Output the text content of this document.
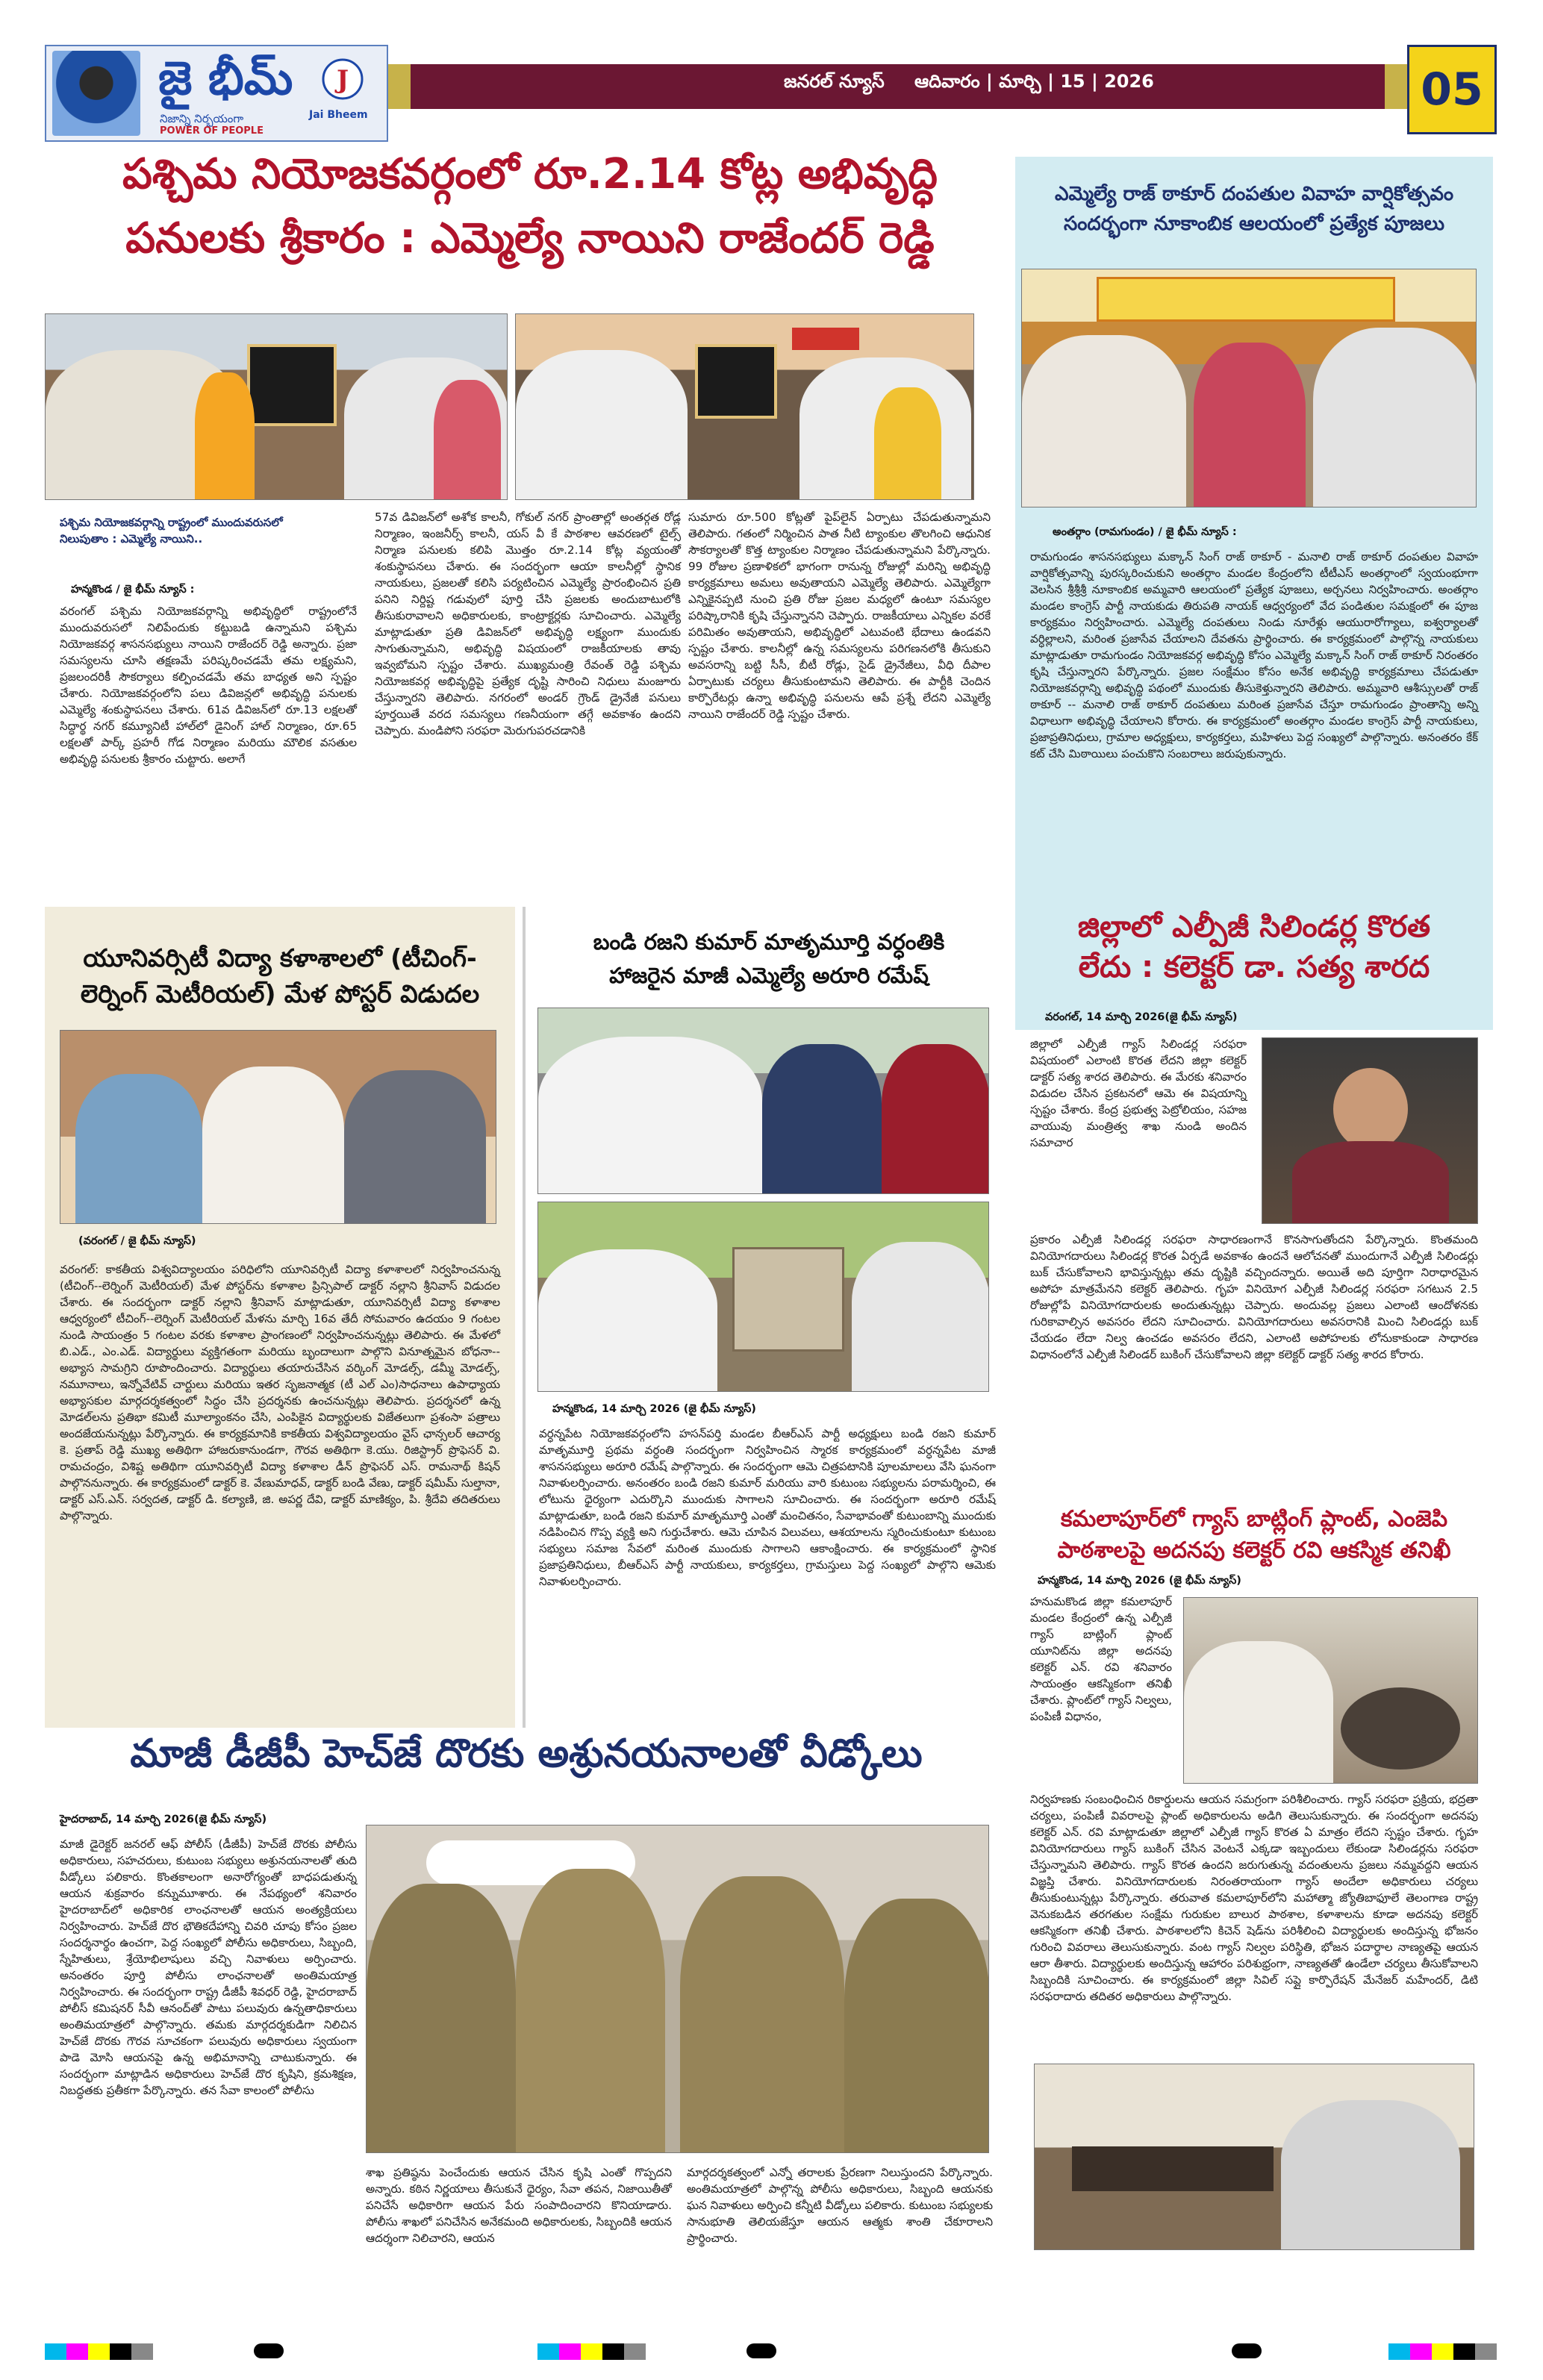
జై భీమ్
నిజాన్ని నిర్భయంగా
POWER OF PEOPLE
J
Jai Bheem
జనరల్ న్యూస్ ఆదివారం | మార్చి | 15 | 2026	05
పశ్చిమ నియోజకవర్గంలో రూ.2.14 కోట్ల అభివృద్ధి
పనులకు శ్రీకారం : ఎమ్మెల్యే నాయిని రాజేందర్ రెడ్డి
పశ్చిమ నియోజకవర్గాన్ని రాష్ట్రంలో ముందువరుసలో
నిలుపుతాం : ఎమ్మెల్యే నాయిని..
హన్మకొండ / జై భీమ్ న్యూస్ :
వరంగల్ పశ్చిమ నియోజకవర్గాన్ని అభివృద్ధిలో రాష్ట్రంలోనే ముందువరుసలో నిలిపేందుకు కట్టుబడి ఉన్నామని పశ్చిమ నియోజకవర్గ శాసనసభ్యులు నాయిని రాజేందర్ రెడ్డి అన్నారు. ప్రజా సమస్యలను చూసి తక్షణమే పరిష్కరించడమే తమ లక్ష్యమని, ప్రజలందరికీ సౌకర్యాలు కల్పించడమే తమ బాధ్యత అని స్పష్టం చేశారు. నియోజకవర్గంలోని పలు డివిజన్లలో అభివృద్ధి పనులకు ఎమ్మెల్యే శంకుస్థాపనలు చేశారు. 61వ డివిజన్‌లో రూ.13 లక్షలతో సిద్ధార్థ నగర్ కమ్యూనిటీ హాల్‌లో డైనింగ్ హాల్ నిర్మాణం, రూ.65 లక్షలతో పార్క్ ప్రహరీ గోడ నిర్మాణం మరియు మౌలిక వసతుల అభివృద్ధి పనులకు శ్రీకారం చుట్టారు. అలాగే
57వ డివిజన్‌లో అశోక కాలనీ, గోకుల్ నగర్ ప్రాంతాల్లో అంతర్గత రోడ్ల నిర్మాణం, ఇంజనీర్స్ కాలనీ, యస్ వీ కే పాఠశాల ఆవరణలో టైల్స్ నిర్మాణ పనులకు కలిపి మొత్తం రూ.2.14 కోట్ల వ్యయంతో శంకుస్థాపనలు చేశారు. ఈ సందర్భంగా ఆయా కాలనీల్లో స్థానిక నాయకులు, ప్రజలతో కలిసి పర్యటించిన ఎమ్మెల్యే ప్రారంభించిన ప్రతి పనిని నిర్దిష్ట గడువులో పూర్తి చేసి ప్రజలకు అందుబాటులోకి తీసుకురావాలని అధికారులకు, కాంట్రాక్టర్లకు సూచించారు. ఎమ్మెల్యే మాట్లాడుతూ ప్రతి డివిజన్‌లో అభివృద్ధి లక్ష్యంగా ముందుకు సాగుతున్నామని, అభివృద్ధి విషయంలో రాజకీయాలకు తావు ఇవ్వబోమని స్పష్టం చేశారు. ముఖ్యమంత్రి రేవంత్ రెడ్డి పశ్చిమ నియోజకవర్గ అభివృద్ధిపై ప్రత్యేక దృష్టి సారించి నిధులు మంజూరు చేస్తున్నారని తెలిపారు. నగరంలో అండర్ గ్రౌండ్ డ్రైనేజీ పనులు పూర్తయితే వరద సమస్యలు గణనీయంగా తగ్గే అవకాశం ఉందని చెప్పారు. మండిపోని సరఫరా మెరుగుపరచడానికి
సుమారు రూ.500 కోట్లతో పైప్‌లైన్ ఏర్పాటు చేపడుతున్నామని తెలిపారు. గతంలో నిర్మించిన పాత నీటి ట్యాంకుల తొలగించి ఆధునిక సౌకర్యాలతో కొత్త ట్యాంకుల నిర్మాణం చేపడుతున్నామని పేర్కొన్నారు. 99 రోజుల ప్రణాళికలో భాగంగా రానున్న రోజుల్లో మరిన్ని అభివృద్ధి కార్యక్రమాలు అమలు అవుతాయని ఎమ్మెల్యే తెలిపారు. ఎమ్మెల్యేగా ఎన్నికైనప్పటి నుంచి ప్రతి రోజు ప్రజల మధ్యలో ఉంటూ సమస్యల పరిష్కారానికి కృషి చేస్తున్నానని చెప్పారు. రాజకీయాలు ఎన్నికల వరకే పరిమితం అవుతాయని, అభివృద్ధిలో ఎటువంటి భేదాలు ఉండవని స్పష్టం చేశారు. కాలనీల్లో ఉన్న సమస్యలను పరిగణనలోకి తీసుకుని అవసరాన్ని బట్టి సీసీ, బీటీ రోడ్లు, సైడ్ డ్రైనేజీలు, వీధి దీపాల ఏర్పాటుకు చర్యలు తీసుకుంటామని తెలిపారు. ఈ పార్టీకి చెందిన కార్పొరేటర్లు ఉన్నా అభివృద్ధి పనులను ఆపే ప్రశ్నే లేదని ఎమ్మెల్యే నాయిని రాజేందర్ రెడ్డి స్పష్టం చేశారు.
ఎమ్మెల్యే రాజ్ ఠాకూర్ దంపతుల వివాహ వార్షికోత్సవం
సందర్భంగా నూకాంబిక ఆలయంలో ప్రత్యేక పూజలు
అంతర్గాం (రామగుండం) / జై భీమ్ న్యూస్ :
రామగుండం శాసనసభ్యులు మక్కాన్ సింగ్ రాజ్ ఠాకూర్ - మనాలి రాజ్ ఠాకూర్ దంపతుల వివాహ వార్షికోత్సవాన్ని పురస్కరించుకుని అంతర్గాం మండల కేంద్రంలోని టీటీఎస్ అంతర్గాంలో స్వయంభూగా వెలసిన శ్రీశ్రీశ్రీ నూకాంబిక అమ్మవారి ఆలయంలో ప్రత్యేక పూజలు, అర్చనలు నిర్వహించారు. అంతర్గాం మండల కాంగ్రెస్ పార్టీ నాయకుడు తిరుపతి నాయక్ ఆధ్వర్యంలో వేద పండితుల సమక్షంలో ఈ పూజ కార్యక్రమం నిర్వహించారు. ఎమ్మెల్యే దంపతులు నిండు నూరేళ్లు ఆయురారోగ్యాలు, ఐశ్వర్యాలతో వర్ధిల్లాలని, మరింత ప్రజాసేవ చేయాలని దేవతను ప్రార్థించారు. ఈ కార్యక్రమంలో పాల్గొన్న నాయకులు మాట్లాడుతూ రామగుండం నియోజకవర్గ అభివృద్ధి కోసం ఎమ్మెల్యే మక్కాన్ సింగ్ రాజ్ ఠాకూర్ నిరంతరం కృషి చేస్తున్నారని పేర్కొన్నారు. ప్రజల సంక్షేమం కోసం అనేక అభివృద్ధి కార్యక్రమాలు చేపడుతూ నియోజకవర్గాన్ని అభివృద్ధి పథంలో ముందుకు తీసుకెళ్తున్నారని తెలిపారు. అమ్మవారి ఆశీస్సులతో రాజ్ ఠాకూర్ -- మనాలి రాజ్ ఠాకూర్ దంపతులు మరింత ప్రజాసేవ చేస్తూ రామగుండం ప్రాంతాన్ని అన్ని విధాలుగా అభివృద్ధి చేయాలని కోరారు. ఈ కార్యక్రమంలో అంతర్గాం మండల కాంగ్రెస్ పార్టీ నాయకులు, ప్రజాప్రతినిధులు, గ్రామాల అధ్యక్షులు, కార్యకర్తలు, మహిళలు పెద్ద సంఖ్యలో పాల్గొన్నారు. అనంతరం కేక్ కట్ చేసి మిఠాయిలు పంచుకొని సంబరాలు జరుపుకున్నారు.
జిల్లాలో ఎల్పీజీ సిలిండర్ల కొరత
లేదు : కలెక్టర్ డా. సత్య శారద
వరంగల్, 14 మార్చి 2026(జై భీమ్ న్యూస్)
జిల్లాలో ఎల్పీజీ గ్యాస్ సిలిండర్ల సరఫరా విషయంలో ఎలాంటి కొరత లేదని జిల్లా కలెక్టర్ డాక్టర్ సత్య శారద తెలిపారు. ఈ మేరకు శనివారం విడుదల చేసిన ప్రకటనలో ఆమె ఈ విషయాన్ని స్పష్టం చేశారు. కేంద్ర ప్రభుత్వ పెట్రోలియం, సహజ వాయువు మంత్రిత్వ శాఖ నుండి అందిన సమాచార
ప్రకారం ఎల్పీజీ సిలిండర్ల సరఫరా సాధారణంగానే కొనసాగుతోందని పేర్కొన్నారు. కొంతమంది వినియోగదారులు సిలిండర్ల కొరత ఏర్పడే అవకాశం ఉందనే ఆలోచనతో ముందుగానే ఎల్పీజీ సిలిండర్లు బుక్ చేసుకోవాలని భావిస్తున్నట్లు తమ దృష్టికి వచ్చిందన్నారు. అయితే అది పూర్తిగా నిరాధారమైన అపోహ మాత్రమేనని కలెక్టర్ తెలిపారు. గృహ వినియోగ ఎల్పీజీ సిలిండర్ల సరఫరా సగటున 2.5 రోజుల్లోపే వినియోగదారులకు అందుతున్నట్లు చెప్పారు. అందువల్ల ప్రజలు ఎలాంటి ఆందోళనకు గురికావాల్సిన అవసరం లేదని సూచించారు. వినియోగదారులు అవసరానికి మించి సిలిండర్లు బుక్ చేయడం లేదా నిల్వ ఉంచడం అవసరం లేదని, ఎలాంటి అపోహలకు లోనుకాకుండా సాధారణ విధానంలోనే ఎల్పీజీ సిలిండర్ బుకింగ్ చేసుకోవాలని జిల్లా కలెక్టర్ డాక్టర్ సత్య శారద కోరారు.
కమలాపూర్‌లో గ్యాస్ బాట్లింగ్ ప్లాంట్, ఎంజెపి
పాఠశాలపై అదనపు కలెక్టర్ రవి ఆకస్మిక తనిఖీ
హన్మకొండ, 14 మార్చి 2026 (జై భీమ్ న్యూస్)
హనుమకొండ జిల్లా కమలాపూర్ మండల కేంద్రంలో ఉన్న ఎల్పీజీ గ్యాస్ బాట్లింగ్ ప్లాంట్ యూనిట్‌ను జిల్లా అదనపు కలెక్టర్ ఎన్. రవి శనివారం సాయంత్రం ఆకస్మికంగా తనిఖీ చేశారు. ప్లాంట్‌లో గ్యాస్ నిల్వలు, పంపిణీ విధానం,
నిర్వహణకు సంబంధించిన రికార్డులను ఆయన సమగ్రంగా పరిశీలించారు. గ్యాస్ సరఫరా ప్రక్రియ, భద్రతా చర్యలు, పంపిణీ వివరాలపై ప్లాంట్ అధికారులను అడిగి తెలుసుకున్నారు. ఈ సందర్భంగా అదనపు కలెక్టర్ ఎన్. రవి మాట్లాడుతూ జిల్లాలో ఎల్పీజీ గ్యాస్ కొరత ఏ మాత్రం లేదని స్పష్టం చేశారు. గృహ వినియోగదారులు గ్యాస్ బుకింగ్ చేసిన వెంటనే ఎక్కడా ఇబ్బందులు లేకుండా సిలిండర్లను సరఫరా చేస్తున్నామని తెలిపారు. గ్యాస్ కొరత ఉందని జరుగుతున్న వదంతులను ప్రజలు నమ్మవద్దని ఆయన విజ్ఞప్తి చేశారు. వినియోగదారులకు నిరంతరాయంగా గ్యాస్ అందేలా అధికారులు చర్యలు తీసుకుంటున్నట్లు పేర్కొన్నారు. తరువాత కమలాపూర్‌లోని మహాత్మా జ్యోతిబాఫూలే తెలంగాణ రాష్ట్ర వెనుకబడిన తరగతుల సంక్షేమ గురుకుల బాలుర పాఠశాల, కళాశాలను కూడా అదనపు కలెక్టర్ ఆకస్మికంగా తనిఖీ చేశారు. పాఠశాలలోని కిచెన్ షెడ్‌ను పరిశీలించి విద్యార్థులకు అందిస్తున్న భోజనం గురించి వివరాలు తెలుసుకున్నారు. వంట గ్యాస్ నిల్వల పరిస్థితి, భోజన పదార్థాల నాణ్యతపై ఆయన ఆరా తీశారు. విద్యార్థులకు అందిస్తున్న ఆహారం పరిశుభ్రంగా, నాణ్యతతో ఉండేలా చర్యలు తీసుకోవాలని సిబ్బందికి సూచించారు. ఈ కార్యక్రమంలో జిల్లా సివిల్ సప్లై కార్పొరేషన్ మేనేజర్ మహేందర్, డిటి సరఫరాదారు తదితర అధికారులు పాల్గొన్నారు.
యూనివర్సిటీ విద్యా కళాశాలలో (టీచింగ్-
లెర్నింగ్ మెటీరియల్) మేళ పోస్టర్ విడుదల
(వరంగల్ / జై భీమ్ న్యూస్)
వరంగల్: కాకతీయ విశ్వవిద్యాలయం పరిధిలోని యూనివర్సిటీ విద్యా కళాశాలలో నిర్వహించనున్న (టీచింగ్--లెర్నింగ్ మెటీరియల్) మేళ పోస్టర్‌ను కళాశాల ప్రిన్సిపాల్ డాక్టర్ నల్లాని శ్రీనివాస్ విడుదల చేశారు. ఈ సందర్భంగా డాక్టర్ నల్లాని శ్రీనివాస్ మాట్లాడుతూ, యూనివర్సిటీ విద్యా కళాశాల ఆధ్వర్యంలో టీచింగ్--లెర్నింగ్ మెటీరియల్ మేళను మార్చి 16వ తేదీ సోమవారం ఉదయం 9 గంటల నుండి సాయంత్రం 5 గంటల వరకు కళాశాల ప్రాంగణంలో నిర్వహించనున్నట్లు తెలిపారు. ఈ మేళలో బి.ఎడ్., ఎం.ఎడ్. విద్యార్థులు వ్యక్తిగతంగా మరియు బృందాలుగా పాల్గొని వినూత్నమైన బోధనా--అభ్యాస సామగ్రిని రూపొందించారు. విద్యార్థులు తయారుచేసిన వర్కింగ్ మోడల్స్, డమ్మీ మోడల్స్, నమూనాలు, ఇన్నోవేటివ్ చార్టులు మరియు ఇతర సృజనాత్మక (టీ ఎల్ ఎం)సాధనాలు ఉపాధ్యాయ అభ్యాసకుల మార్గదర్శకత్వంలో సిద్ధం చేసి ప్రదర్శనకు ఉంచనున్నట్లు తెలిపారు. ప్రదర్శనలో ఉన్న మోడల్‌లను ప్రతిభా కమిటీ మూల్యాంకనం చేసి, ఎంపికైన విద్యార్థులకు విజేతలుగా ప్రశంసా పత్రాలు అందజేయనున్నట్లు పేర్కొన్నారు. ఈ కార్యక్రమానికి కాకతీయ విశ్వవిద్యాలయం వైస్ ఛాన్సలర్ ఆచార్య కె. ప్రతాప్ రెడ్డి ముఖ్య అతిథిగా హాజరుకానుండగా, గౌరవ అతిథిగా కె.యు. రిజిస్ట్రార్ ప్రొఫెసర్ వి. రామచంద్రం, విశిష్ట అతిథిగా యూనివర్సిటీ విద్యా కళాశాల డీన్ ప్రొఫెసర్ ఎస్. రామనాథ్ కిషన్ పాల్గొననున్నారు. ఈ కార్యక్రమంలో డాక్టర్ కె. వేణుమాధవ్, డాక్టర్ బండి వేణు, డాక్టర్ షమీమ్ సుల్తానా, డాక్టర్ ఎస్.ఎన్. సర్వదత, డాక్టర్ డి. కల్యాణి, జి. అపర్ణ దేవి, డాక్టర్ మాణిక్యం, పి. శ్రీదేవి తదితరులు పాల్గొన్నారు.
బండి రజని కుమార్ మాతృమూర్తి వర్ధంతికి
హాజరైన మాజీ ఎమ్మెల్యే అరూరి రమేష్
హన్మకొండ, 14 మార్చి 2026 (జై భీమ్ న్యూస్)
వర్ధన్నపేట నియోజకవర్గంలోని హసన్‌పర్తి మండల బీఆర్ఎస్ పార్టీ అధ్యక్షులు బండి రజని కుమార్ మాతృమూర్తి ప్రథమ వర్ధంతి సందర్భంగా నిర్వహించిన స్మారక కార్యక్రమంలో వర్ధన్నపేట మాజీ శాసనసభ్యులు అరూరి రమేష్ పాల్గొన్నారు. ఈ సందర్భంగా ఆమె చిత్రపటానికి పూలమాలలు వేసి ఘనంగా నివాళులర్పించారు. అనంతరం బండి రజని కుమార్ మరియు వారి కుటుంబ సభ్యులను పరామర్శించి, ఈ లోటును ధైర్యంగా ఎదుర్కొని ముందుకు సాగాలని సూచించారు. ఈ సందర్భంగా అరూరి రమేష్ మాట్లాడుతూ, బండి రజని కుమార్ మాతృమూర్తి ఎంతో మంచితనం, సేవాభావంతో కుటుంబాన్ని ముందుకు నడిపించిన గొప్ప వ్యక్తి అని గుర్తుచేశారు. ఆమె చూపిన విలువలు, ఆశయాలను స్మరించుకుంటూ కుటుంబ సభ్యులు సమాజ సేవలో మరింత ముందుకు సాగాలని ఆకాంక్షించారు. ఈ కార్యక్రమంలో స్థానిక ప్రజాప్రతినిధులు, బీఆర్ఎస్ పార్టీ నాయకులు, కార్యకర్తలు, గ్రామస్తులు పెద్ద సంఖ్యలో పాల్గొని ఆమెకు నివాళులర్పించారు.
మాజీ డీజీపీ హెచ్‌జే దొరకు అశ్రునయనాలతో వీడ్కోలు
హైదరాబాద్, 14 మార్చి 2026(జై భీమ్ న్యూస్)
మాజీ డైరెక్టర్ జనరల్ ఆఫ్ పోలీస్ (డీజీపీ) హెచ్‌జే దొరకు పోలీసు అధికారులు, సహచరులు, కుటుంబ సభ్యులు అశ్రునయనాలతో తుది వీడ్కోలు పలికారు. కొంతకాలంగా అనారోగ్యంతో బాధపడుతున్న ఆయన శుక్రవారం కన్నుమూశారు. ఈ నేపథ్యంలో శనివారం హైదరాబాద్‌లో అధికారిక లాంఛనాలతో ఆయన అంత్యక్రియలు నిర్వహించారు. హెచ్‌జే దొర భౌతికదేహాన్ని చివరి చూపు కోసం ప్రజల సందర్శనార్థం ఉంచగా, పెద్ద సంఖ్యలో పోలీసు అధికారులు, సిబ్బంది, స్నేహితులు, శ్రేయోభిలాషులు వచ్చి నివాళులు అర్పించారు. అనంతరం పూర్తి పోలీసు లాంఛనాలతో అంతిమయాత్ర నిర్వహించారు. ఈ సందర్భంగా రాష్ట్ర డీజీపీ శివధర్ రెడ్డి, హైదరాబాద్ పోలీస్ కమిషనర్ సీవీ ఆనంద్‌తో పాటు పలువురు ఉన్నతాధికారులు అంతిమయాత్రలో పాల్గొన్నారు. తమకు మార్గదర్శకుడిగా నిలిచిన హెచ్‌జే దొరకు గౌరవ సూచకంగా పలువురు అధికారులు స్వయంగా పాడె మోసి ఆయనపై ఉన్న అభిమానాన్ని చాటుకున్నారు. ఈ సందర్భంగా మాట్లాడిన అధికారులు హెచ్‌జే దొర కృషిని, క్రమశిక్షణ, నిబద్ధతకు ప్రతీకగా పేర్కొన్నారు. తన సేవా కాలంలో పోలీసు
శాఖ ప్రతిష్ఠను పెంచేందుకు ఆయన చేసిన కృషి ఎంతో గొప్పదని అన్నారు. కఠిన నిర్ణయాలు తీసుకునే ధైర్యం, సేవా తపన, నిజాయితీతో పనిచేసే అధికారిగా ఆయన పేరు సంపాదించారని కొనియాడారు. పోలీసు శాఖలో పనిచేసిన అనేకమంది అధికారులకు, సిబ్బందికి ఆయన ఆదర్శంగా నిలిచారని, ఆయన
మార్గదర్శకత్వంలో ఎన్నో తరాలకు ప్రేరణగా నిలుస్తుందని పేర్కొన్నారు. అంతిమయాత్రలో పాల్గొన్న పోలీసు అధికారులు, సిబ్బంది ఆయనకు ఘన నివాళులు అర్పించి కన్నీటి వీడ్కోలు పలికారు. కుటుంబ సభ్యులకు సానుభూతి తెలియజేస్తూ ఆయన ఆత్మకు శాంతి చేకూరాలని ప్రార్థించారు.
